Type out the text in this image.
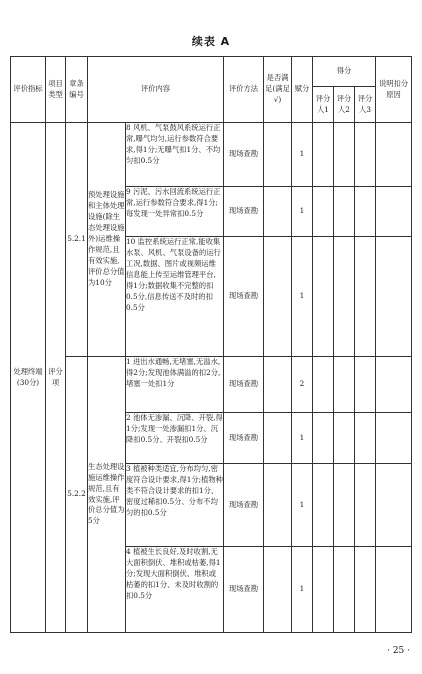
续表 A
评价指标	项目类型	章条编号	评价内容		评价方法	是否满足(满足√)	赋分	得分			说明扣分原因
								评分人1	评分人2	评分人3	
处理终端(30分)	评分项	5.2.1	预处理设施和主体处理设施(除生态处理设施外)运维操作规范,且有效实施,评价总分值为10分	8 风机、气泵鼓风系统运行正常,曝气均匀,运行参数符合要求,得1分;无曝气扣1分、不均匀扣0.5分	现场查勘		1				
				9 污泥、污水回流系统运行正常,运行参数符合要求,得1分;每发现一处异常扣0.5分	现场查勘		1				
				10 监控系统运行正常,能收集水泵、风机、气泵设备的运行工况,数据、图片或视频运维信息能上传至运维管理平台,得1分;数据收集不完整的扣0.5分,信息传送不及时的扣0.5分	现场查勘		1				
		5.2.2	生态处理设施运维操作规范,且有效实施,评价总分值为5分	1 进出水通畅,无堵塞,无溢水,得2分;发现池体满溢的扣2分,堵塞一处扣1分	现场查勘		2				
				2 池体无渗漏、沉降、开裂,得1分;发现一处渗漏扣1分、沉降扣0.5分、开裂扣0.5分	现场查勘		1				
				3 植被种类适宜,分布均匀,密度符合设计要求,得1分;植物种类不符合设计要求的扣1分、密度过稀扣0.5分、分布不均匀的扣0.5分	现场查勘		1				
				4 植被生长良好,及时收割,无大面积倒伏、堆积或枯萎,得1分;发现大面积倒伏、堆积或枯萎的扣1分、未及时收割的扣0.5分	现场查勘		1				
· 25 ·
